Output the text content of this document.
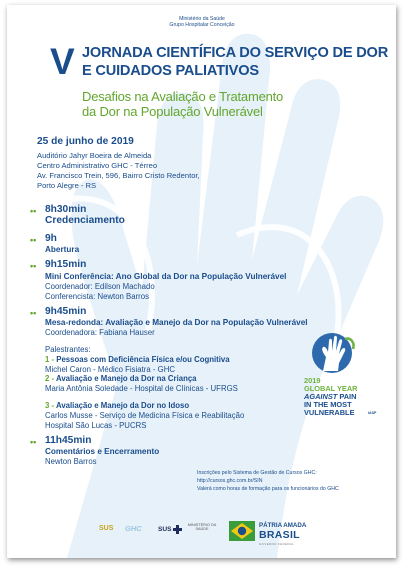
Ministério da Saúde
Grupo Hospitalar Conceição
V JORNADA CIENTÍFICA DO SERVIÇO DE DOR
E CUIDADOS PALIATIVOS
Desafios na Avaliação e Tratamento
da Dor na População Vulnerável
25 de junho de 2019
Auditório Jahyr Boeira de Almeida
Centro Administrativo GHC - Térreo
Av. Francisco Trein, 596, Bairro Cristo Redentor,
Porto Alegre - RS
•• 8h30min
Credenciamento
•• 9h
Abertura
•• 9h15min
Mini Conferência: Ano Global da Dor na População Vulnerável
Coordenador: Edilson Machado
Conferencista: Newton Barros
•• 9h45min
Mesa-redonda: Avaliação e Manejo da Dor na População Vulnerável
Coordenadora: Fabiana Hauser
Palestrantes:
1 - Pessoas com Deficiência Física e/ou Cognitiva
Michel Caron - Médico Fisiatra - GHC
2 - Avaliação e Manejo da Dor na Criança
Maria Antônia Soledade - Hospital de Clínicas - UFRGS
3 - Avaliação e Manejo da Dor no Idoso
Carlos Musse - Serviço de Medicina Física e Reabilitação
Hospital São Lucas - PUCRS
•• 11h45min
Comentários e Encerramento
Newton Barros
2019
GLOBAL YEAR
AGAINST PAIN
IN THE MOST
VULNERABLE	IASP
Inscrições pelo Sistema de Gestão de Cursos GHC:
http://cursos.ghc.com.br/SIN
Valerá como horas de formação para os funcionários do GHC
SUS GHC SUS
MINISTÉRIO DA SAÚDE
PÁTRIA AMADA
BRASIL
GOVERNO FEDERAL
